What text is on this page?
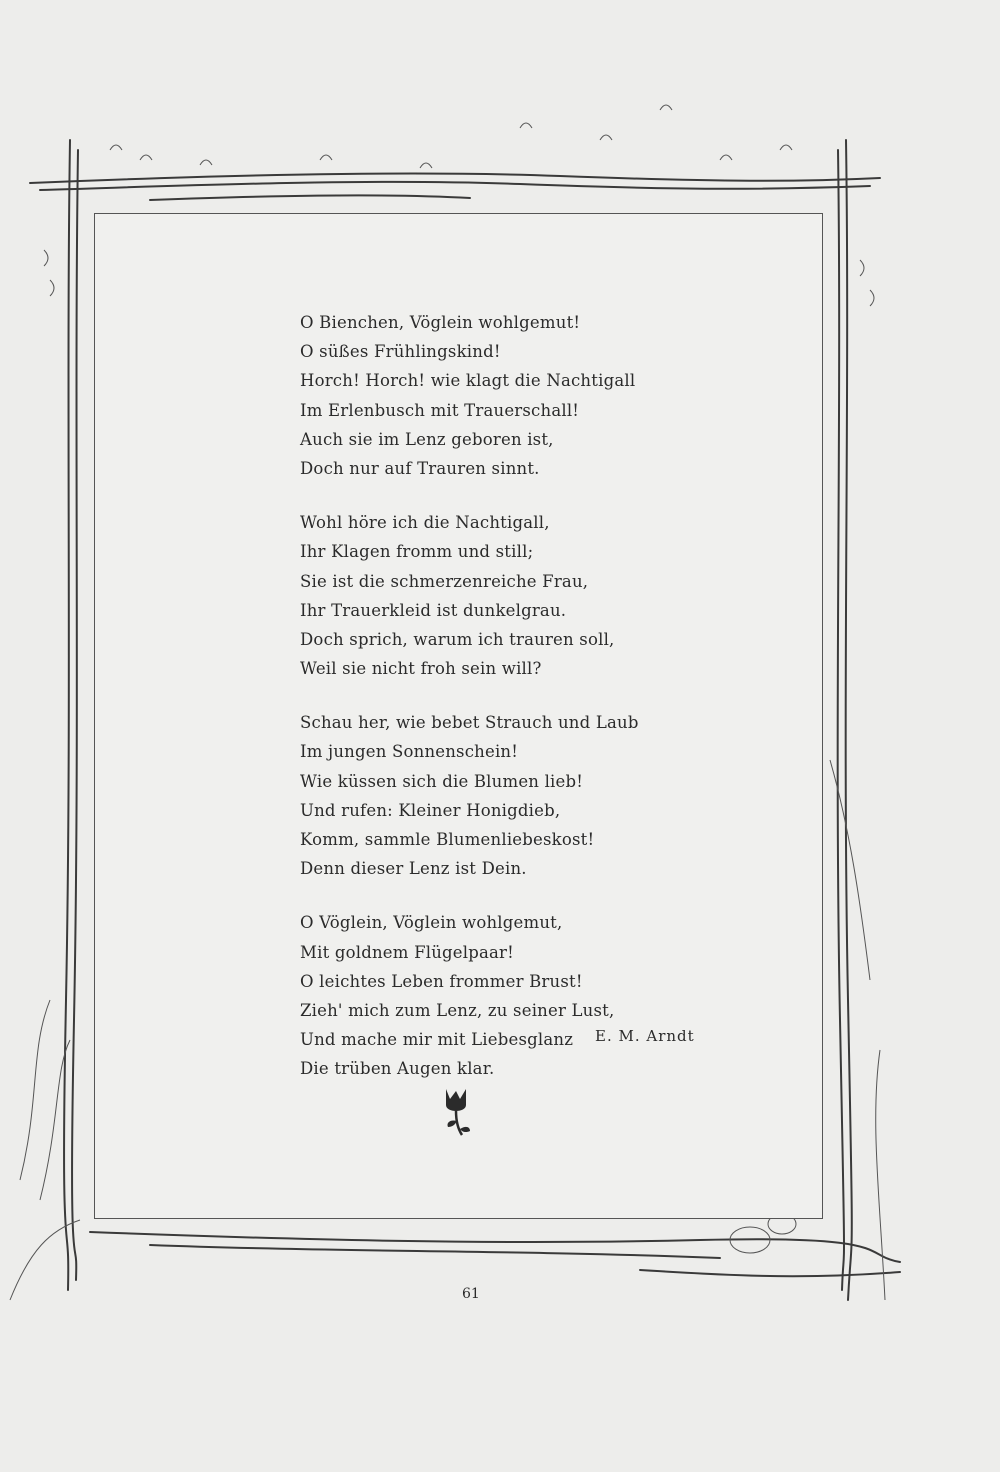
O Bienchen, Vöglein wohlgemut!
O süßes Frühlingskind!
Horch! Horch! wie klagt die Nachtigall
Im Erlenbusch mit Trauerschall!
Auch sie im Lenz geboren ist,
Doch nur auf Trauren sinnt.
Wohl höre ich die Nachtigall,
Ihr Klagen fromm und still;
Sie ist die schmerzenreiche Frau,
Ihr Trauerkleid ist dunkelgrau.
Doch sprich, warum ich trauren soll,
Weil sie nicht froh sein will?
Schau her, wie bebet Strauch und Laub
Im jungen Sonnenschein!
Wie küssen sich die Blumen lieb!
Und rufen: Kleiner Honigdieb,
Komm, sammle Blumenliebeskost!
Denn dieser Lenz ist Dein.
O Vöglein, Vöglein wohlgemut,
Mit goldnem Flügelpaar!
O leichtes Leben frommer Brust!
Zieh' mich zum Lenz, zu seiner Lust,
Und mache mir mit Liebesglanz
Die trüben Augen klar.
E. M. Arndt
61
